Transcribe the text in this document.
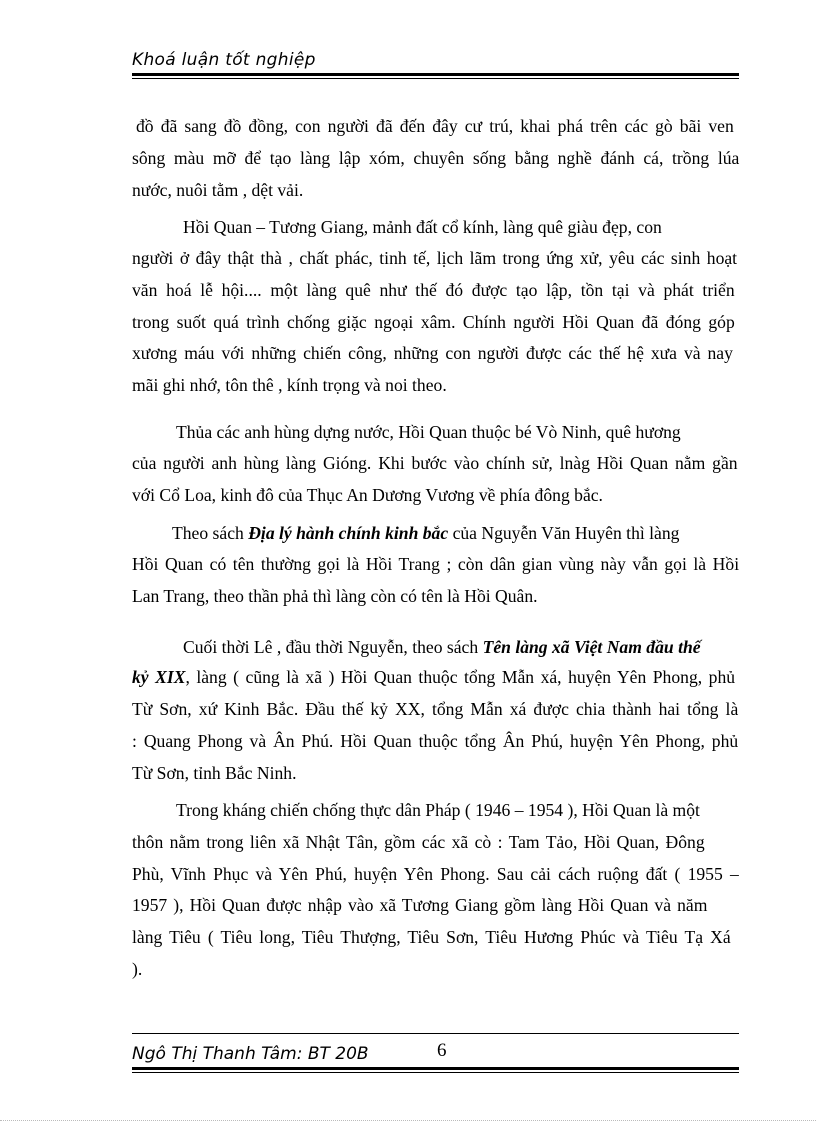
Khoá luận tốt nghiệp
đồ đã sang đồ đồng, con người đã đến đây cư trú, khai phá trên các gò bãi ven
sông màu mỡ để tạo làng lập xóm, chuyên sống bằng nghề đánh cá, trồng lúa
nước, nuôi tằm , dệt vải.
Hồi Quan – Tương Giang, mảnh đất cổ kính, làng quê giàu đẹp, con
người ở đây thật thà , chất phác, tinh tế, lịch lãm trong ứng xử, yêu các sinh hoạt
văn hoá lễ hội.... một làng quê như thế đó được tạo lập, tồn tại và phát triển
trong suốt quá trình chống giặc ngoại xâm. Chính người Hồi Quan đã đóng góp
xương máu với những chiến công, những con người được các thế hệ xưa và nay
mãi ghi nhớ, tôn thê , kính trọng và noi theo.
Thủa các anh hùng dựng nước, Hồi Quan thuộc bé Vò Ninh, quê hương
của người anh hùng làng Gióng. Khi bước vào chính sử, lnàg Hồi Quan nằm gần
với Cổ Loa, kinh đô của Thục An Dương Vương về phía đông bắc.
Theo sách Địa lý hành chính kinh bắc của Nguyễn Văn Huyên thì làng
Hồi Quan có tên thường gọi là Hồi Trang ; còn dân gian vùng này vẫn gọi là Hồi
Lan Trang, theo thần phả thì làng còn có tên là Hồi Quân.
Cuối thời Lê , đầu thời Nguyễn, theo sách Tên làng xã Việt Nam đầu thế
kỷ XIX, làng ( cũng là xã ) Hồi Quan thuộc tổng Mẫn xá, huyện Yên Phong, phủ
Từ Sơn, xứ Kinh Bắc. Đầu thế kỷ XX, tổng Mẫn xá được chia thành hai tổng là
: Quang Phong và Ân Phú. Hồi Quan thuộc tổng Ân Phú, huyện Yên Phong, phủ
Từ Sơn, tỉnh Bắc Ninh.
Trong kháng chiến chống thực dân Pháp ( 1946 – 1954 ), Hồi Quan là một
thôn nằm trong liên xã Nhật Tân, gồm các xã cò : Tam Tảo, Hồi Quan, Đông
Phù, Vĩnh Phục và Yên Phú, huyện Yên Phong. Sau cải cách ruộng đất ( 1955 –
1957 ), Hồi Quan được nhập vào xã Tương Giang gồm làng Hồi Quan và năm
làng Tiêu ( Tiêu long, Tiêu Thượng, Tiêu Sơn, Tiêu Hương Phúc và Tiêu Tạ Xá
).
Ngô Thị Thanh Tâm: BT 20B	6
